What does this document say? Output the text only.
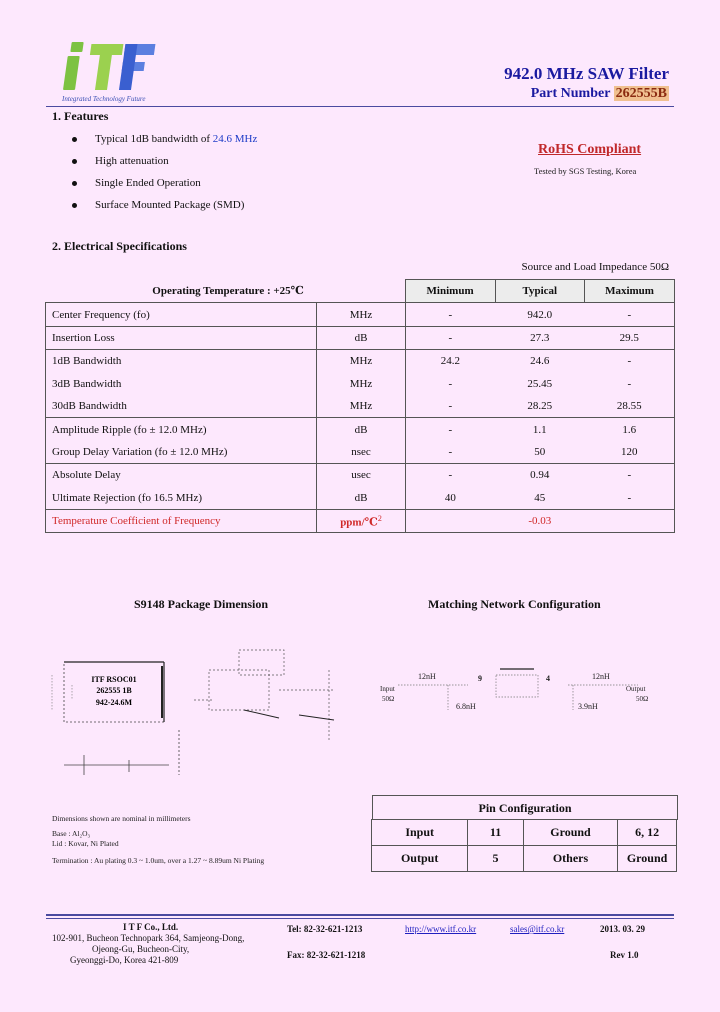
Integrated Technology Future
942.0 MHz SAW Filter
Part Number 262555B
1. Features
Typical 1dB bandwidth of 24.6 MHz
High attenuation
Single Ended Operation
Surface Mounted Package (SMD)
RoHS Compliant
Tested by SGS Testing, Korea
2. Electrical Specifications
Source and Load Impedance 50Ω
Operating Temperature : +25℃		Minimum	Typical	Maximum
Center Frequency (fo)	MHz	-	942.0	-
Insertion Loss	dB	-	27.3	29.5
1dB Bandwidth	MHz	24.2	24.6	-
3dB Bandwidth	MHz	-	25.45	-
30dB Bandwidth	MHz	-	28.25	28.55
Amplitude Ripple (fo ± 12.0 MHz)	dB	-	1.1	1.6
Group Delay Variation (fo ± 12.0 MHz)	nsec	-	50	120
Absolute Delay	usec	-	0.94	-
Ultimate Rejection (fo 16.5 MHz)	dB	40	45	-
Temperature Coefficient of Frequency	ppm/℃$^2$	-0.03		
S9148 Package Dimension
ITF RSOC01
262555 1B
942-24.6M
Dimensions shown are nominal in millimeters
Base : Al₂O₃
Lid : Kovar, Ni Plated
Termination : Au plating 0.3 ~ 1.0um, over a 1.27 ~ 8.89um Ni Plating
Matching Network Configuration
12nH	9	4	12nH
Input
50Ω
Output
50Ω
6.8nH	3.9nH
Pin Configuration
Input	11	Ground	6, 12
Output	5	Others	Ground
I T F Co., Ltd.
102-901, Bucheon Technopark 364, Samjeong-Dong,
Ojeong-Gu, Bucheon-City,
Gyeonggi-Do, Korea 421-809
Tel: 82-32-621-1213
Fax: 82-32-621-1218
http://www.itf.co.kr	sales@itf.co.kr	2013. 03. 29
Rev 1.0
